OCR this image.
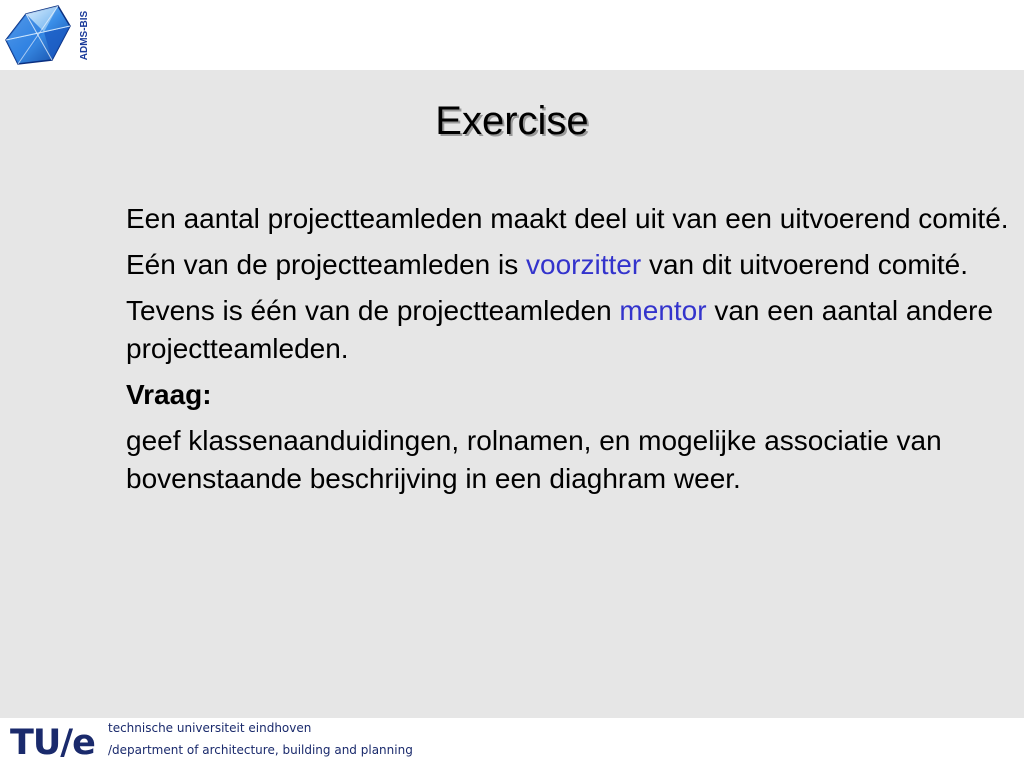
ADMS-BIS
Exercise

Een aantal projectteamleden maakt deel uit van een uitvoerend comité.

Eén van de projectteamleden is voorzitter van dit uitvoerend comité.

Tevens is één van de projectteamleden mentor van een aantal andere projectteamleden.

Vraag:

geef klassenaanduidingen, rolnamen, en mogelijke associatie van bovenstaande beschrijving in een diaghram weer.

TU/e technische universiteit eindhoven
/department of architecture, building and planning
